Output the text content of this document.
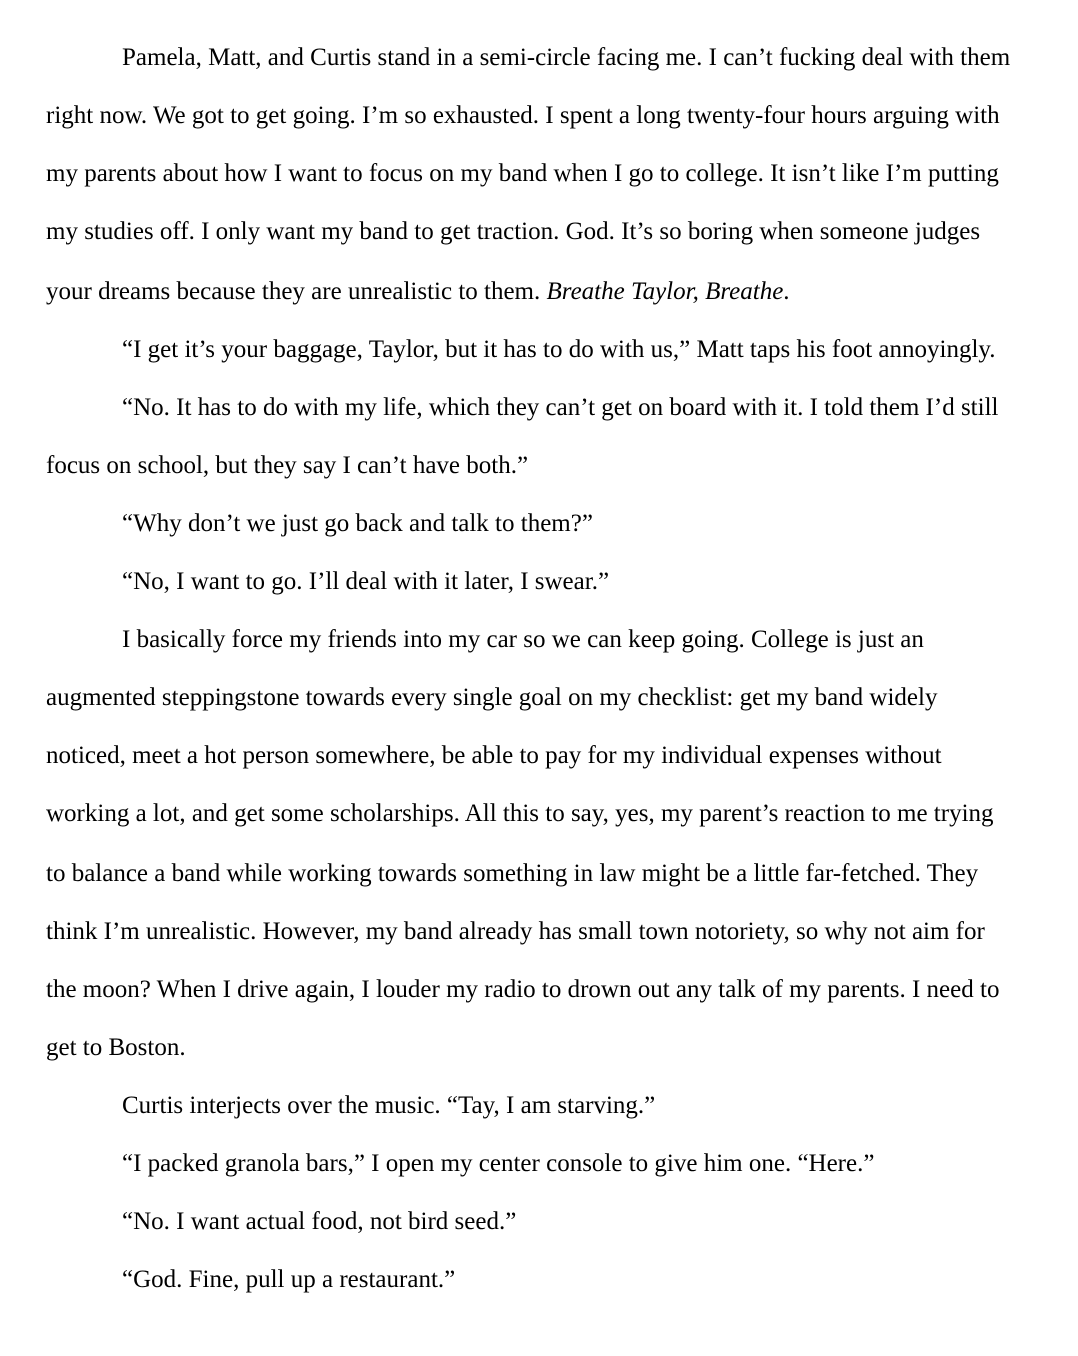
Pamela, Matt, and Curtis stand in a semi-circle facing me. I can’t fucking deal with them

right now. We got to get going. I’m so exhausted. I spent a long twenty-four hours arguing with

my parents about how I want to focus on my band when I go to college. It isn’t like I’m putting

my studies off. I only want my band to get traction. God. It’s so boring when someone judges

your dreams because they are unrealistic to them. Breathe Taylor, Breathe.

“I get it’s your baggage, Taylor, but it has to do with us,” Matt taps his foot annoyingly.

“No. It has to do with my life, which they can’t get on board with it. I told them I’d still

focus on school, but they say I can’t have both.”

“Why don’t we just go back and talk to them?”

“No, I want to go. I’ll deal with it later, I swear.”

I basically force my friends into my car so we can keep going. College is just an

augmented steppingstone towards every single goal on my checklist: get my band widely

noticed, meet a hot person somewhere, be able to pay for my individual expenses without

working a lot, and get some scholarships. All this to say, yes, my parent’s reaction to me trying

to balance a band while working towards something in law might be a little far-fetched. They

think I’m unrealistic. However, my band already has small town notoriety, so why not aim for

the moon? When I drive again, I louder my radio to drown out any talk of my parents. I need to

get to Boston.

Curtis interjects over the music. “Tay, I am starving.”

“I packed granola bars,” I open my center console to give him one. “Here.”

“No. I want actual food, not bird seed.”

“God. Fine, pull up a restaurant.”
